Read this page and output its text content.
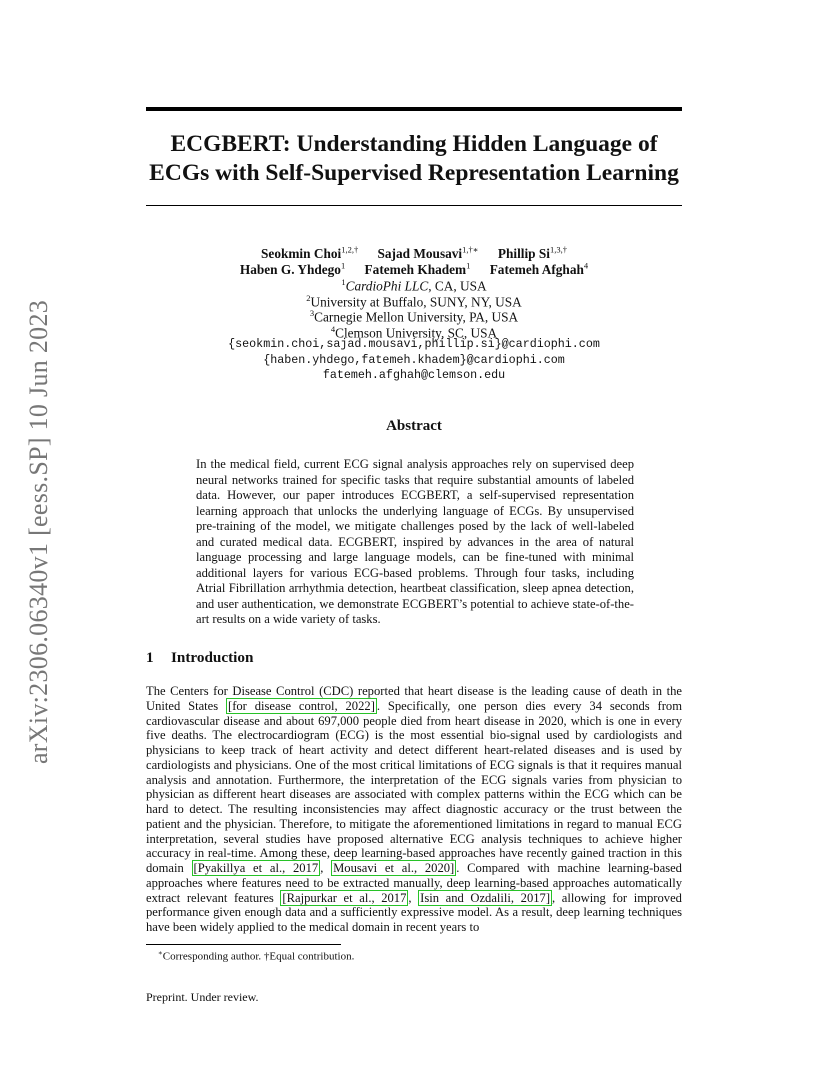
arXiv:2306.06340v1 [eess.SP] 10 Jun 2023
ECGBERT: Understanding Hidden Language of
ECGs with Self-Supervised Representation Learning
Seokmin Choi$^{1,2,\dagger}$ Sajad Mousavi$^{1,\dagger∗}$ Phillip $Si^{1,3,\dagger}$
Haben G. Yhdego$^1$ Fatemeh Khadem$^1$ Fatemeh Afghah$^4$
$^1$CardioPhi LLC, CA, USA
$^2$University at Buffalo, SUNY, NY, USA
$^3$Carnegie Mellon University, PA, USA
$^4$Clemson University, SC, USA
{seokmin.choi,sajad.mousavi,phillip.si}@cardiophi.com
{haben.yhdego,fatemeh.khadem}@cardiophi.com
fatemeh.afghah@clemson.edu
Abstract
In the medical field, current ECG signal analysis approaches rely on supervised deep neural networks trained for specific tasks that require substantial amounts of labeled data. However, our paper introduces ECGBERT, a self-supervised representation learning approach that unlocks the underlying language of ECGs. By unsupervised pre-training of the model, we mitigate challenges posed by the lack of well-labeled and curated medical data. ECGBERT, inspired by advances in the area of natural language processing and large language models, can be fine-tuned with minimal additional layers for various ECG-based problems. Through four tasks, including Atrial Fibrillation arrhythmia detection, heartbeat classification, sleep apnea detection, and user authentication, we demonstrate ECGBERT’s potential to achieve state-of-the-art results on a wide variety of tasks.
1 Introduction
The Centers for Disease Control (CDC) reported that heart disease is the leading cause of death in the United States [for disease control, 2022] . Specifically, one person dies every 34 seconds from cardiovascular disease and about 697,000 people died from heart disease in 2020, which is one in every five deaths. The electrocardiogram (ECG) is the most essential bio-signal used by cardiologists and physicians to keep track of heart activity and detect different heart-related diseases and is used by cardiologists and physicians. One of the most critical limitations of ECG signals is that it requires manual analysis and annotation. Furthermore, the interpretation of the ECG signals varies from physician to physician as different heart diseases are associated with complex patterns within the ECG which can be hard to detect. The resulting inconsistencies may affect diagnostic accuracy or the trust between the patient and the physician. Therefore, to mitigate the aforementioned limitations in regard to manual ECG interpretation, several studies have proposed alternative ECG analysis techniques to achieve higher accuracy in real-time. Among these, deep learning-based approaches have recently gained traction in this domain [Pyakillya et al., 2017 , Mousavi et al., 2020] . Compared with machine learning-based approaches where features need to be extracted manually, deep learning-based approaches automatically extract relevant features [Rajpurkar et al., 2017 , Isin and Ozdalili, 2017] , allowing for improved performance given enough data and a sufficiently expressive model. As a result, deep learning techniques have been widely applied to the medical domain in recent years to
∗Corresponding author. †Equal contribution.
Preprint. Under review.
